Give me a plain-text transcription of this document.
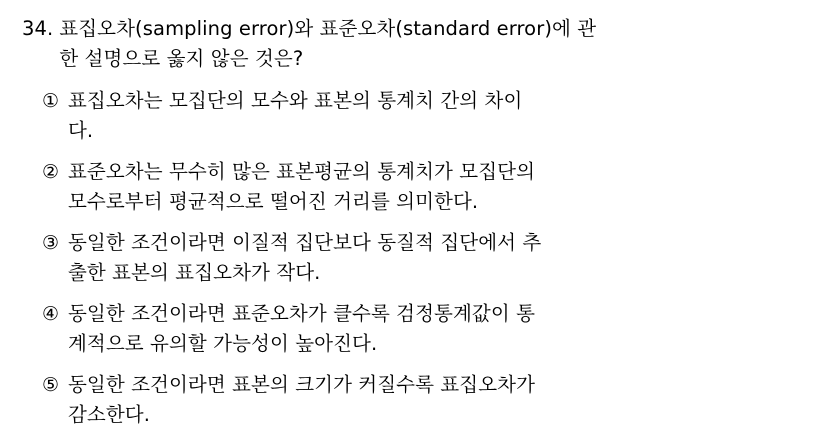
34. 표집오차(sampling error)와 표준오차(standard error)에 관
한 설명으로 옳지 않은 것은?
① 표집오차는 모집단의 모수와 표본의 통계치 간의 차이
다.
② 표준오차는 무수히 많은 표본평균의 통계치가 모집단의
모수로부터 평균적으로 떨어진 거리를 의미한다.
③ 동일한 조건이라면 이질적 집단보다 동질적 집단에서 추
출한 표본의 표집오차가 작다.
④ 동일한 조건이라면 표준오차가 클수록 검정통계값이 통
계적으로 유의할 가능성이 높아진다.
⑤ 동일한 조건이라면 표본의 크기가 커질수록 표집오차가
감소한다.
